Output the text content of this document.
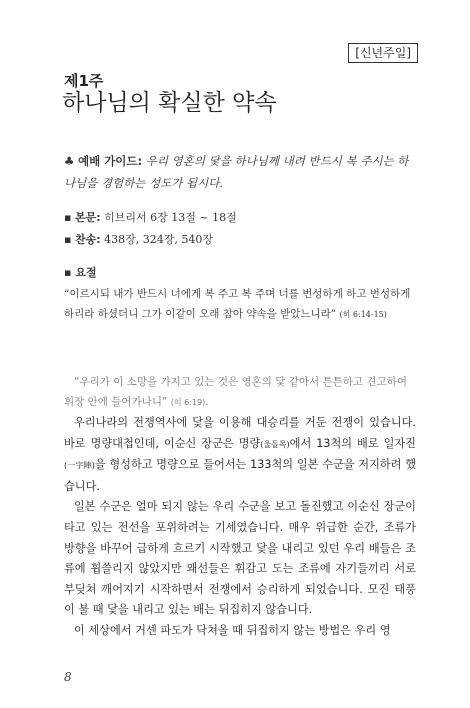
[신년주일]
제1주
하나님의 확실한 약속
♣ 예배 가이드: 우리 영혼의 닻을 하나님께 내려 반드시 복 주시는 하나님을 경험하는 성도가 됩시다.
▪ 본문: 히브리서 6장 13절 ~ 18절
▪ 찬송: 438장, 324장, 540장
▪ 요절
“이르시되 내가 반드시 너에게 복 주고 복 주며 너를 번성하게 하고 번성하게 하리라 하셨더니 그가 이같이 오래 참아 약속을 받았느니라” (히 6:14-15)
“우리가 이 소망을 가지고 있는 것은 영혼의 닻 같아서 튼튼하고 견고하여 휘장 안에 들어가나니” (히 6:19).

우리나라의 전쟁역사에 닻을 이용해 대승리를 거둔 전쟁이 있습니다. 바로 명량대첩인데, 이순신 장군은 명량(울돌목)에서 13척의 배로 일자진(一字陣)을 형성하고 명량으로 들어서는 133척의 일본 수군을 저지하려 했습니다.

일본 수군은 얼마 되지 않는 우리 수군을 보고 돌진했고 이순신 장군이 타고 있는 전선을 포위하려는 기세였습니다. 매우 위급한 순간, 조류가 방향을 바꾸어 급하게 흐르기 시작했고 닻을 내리고 있던 우리 배들은 조류에 휩쓸리지 않았지만 왜선들은 휘감고 도는 조류에 자기들끼리 서로 부딪쳐 깨어지기 시작하면서 전쟁에서 승리하게 되었습니다. 모진 태풍이 불 때 닻을 내리고 있는 배는 뒤집히지 않습니다.

이 세상에서 거센 파도가 닥쳐올 때 뒤집히지 않는 방법은 우리 영

8
